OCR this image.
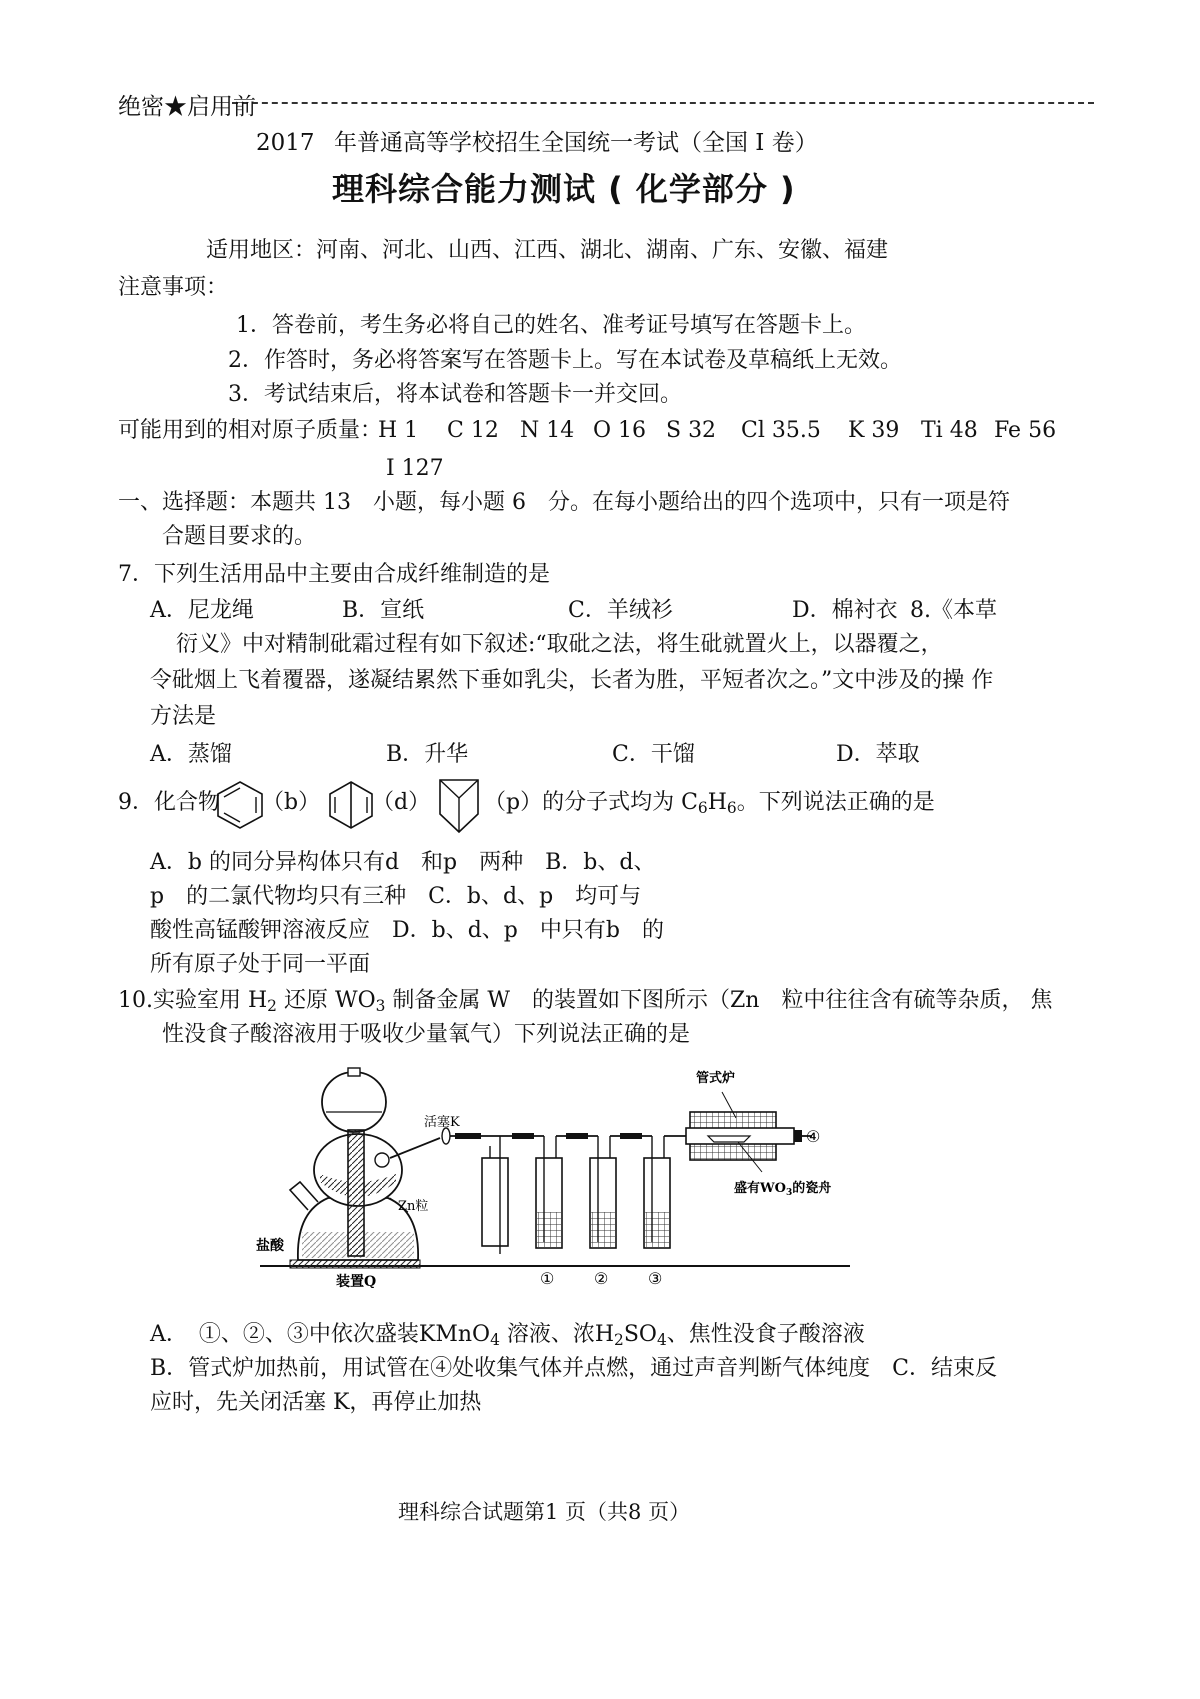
绝密★启用前
2017 年普通高等学校招生全国统一考试（全国 I 卷）
理科综合能力测试 ( 化学部分 )
适用地区：河南、河北、山西、江西、湖北、湖南、广东、安徽、福建
注意事项：
1．答卷前，考生务必将自己的姓名、准考证号填写在答题卡上。
2．作答时，务必将答案写在答题卡上。写在本试卷及草稿纸上无效。
3．考试结束后，将本试卷和答题卡一并交回。
可能用到的相对原子质量：
H 1 C 12 N 14 O 16 S 32 Cl 35.5 K 39 Ti 48 Fe 56
I 127
一、选择题：本题共 13　小题，每小题 6　分。在每小题给出的四个选项中，只有一项是符
合题目要求的。
7．下列生活用品中主要由合成纤维制造的是
A．尼龙绳	B．宣纸	C．羊绒衫	D．棉衬衣 8.《本草
衍义》中对精制砒霜过程有如下叙述:“取砒之法，将生砒就置火上，以器覆之，
令砒烟上飞着覆器，遂凝结累然下垂如乳尖，长者为胜，平短者次之。”文中涉及的操 作
方法是
A．蒸馏	B．升华	C．干馏	D．萃取
9．化合物 （b） （d） （p）的分子式均为 $C_6H_6$。下列说法正确的是
A．b 的同分异构体只有d　和p　两种　B．b、d、
p　的二氯代物均只有三种　C．b、d、p　均可与
酸性高锰酸钾溶液反应　D．b、d、p　中只有b　的
所有原子处于同一平面
10.实验室用 $H_2$ 还原 $WO_3$ 制备金属 W　的装置如下图所示（Zn　粒中往往含有硫等杂质， 焦
性没食子酸溶液用于吸收少量氧气）下列说法正确的是
活塞K
Zn粒
盐酸
装置Q
管式炉
盛有$WO_3$的瓷舟
④
① ② ③
A．　①、②、③中依次盛装KMnO$_4$ 溶液、浓$H_2SO_4$、焦性没食子酸溶液
B．管式炉加热前，用试管在④处收集气体并点燃，通过声音判断气体纯度　C．结束反
应时，先关闭活塞 K，再停止加热
理科综合试题第1 页（共8 页）
